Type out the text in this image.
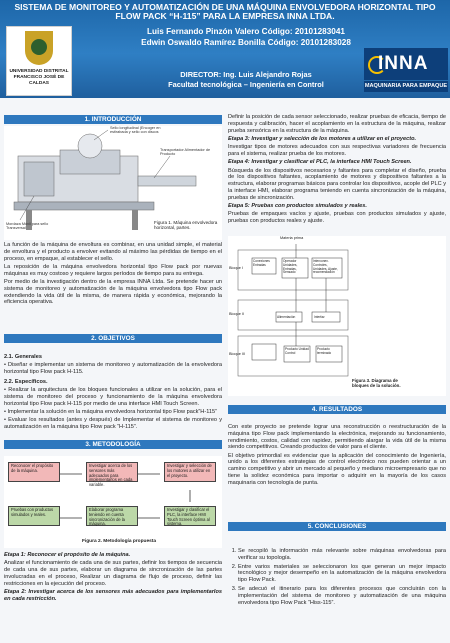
SISTEMA DE MONITOREO Y AUTOMATIZACIÓN DE UNA MÁQUINA ENVOLVEDORA HORIZONTAL TIPO FLOW PACK “H-115” PARA LA EMPRESA INNA LTDA.
Luis Fernando Pinzón Valero Código: 20101283041
Edwin Oswaldo Ramírez Bonilla Código: 20101283028
DIRECTOR: Ing. Luis Alejandro Rojas
Facultad tecnológica – Ingeniería en Control
UNIVERSIDAD DISTRITAL FRANCISCO JOSÉ DE CALDAS
INNA
MAQUINARIA PARA EMPAQUE
1. INTRODUCCIÓN
Sello longitudinal (Encoger en estirabada y sello con discos
Transportador Alimentador de Producto
Mordaza Móvil para sello Transversal
Figura 1. Máquina envolvedora horizontal, partes.

La función de la máquina de envoltura es combinar, en una unidad simple, el material de envoltura y el producto a envolver evitando al máximo las pérdidas de tiempo en el proceso, en empaque, al establecer el sello.

La reposición de la máquina envolvedora horizontal tipo Flow pack por nuevas máquinas es muy costoso y requiere largos períodos de tiempo para su entrega.

Por medio de la investigación dentro de la empresa INNA Ltda. Se pretende hacer un sistema de monitoreo y automatización de la máquina envolvedora tipo Flow pack extendiendo la vida útil de la misma, de manera rápida y económica, mejorando la eficiencia operativa.

2. OBJETIVOS

2.1. Generales

• Diseñar e implementar un sistema de monitoreo y automatización de la envolvedora horizontal tipo Flow pack H-115.

2.2. Específicos.

• Realizar la arquitectura de los bloques funcionales a utilizar en la solución, para el sistema de monitoreo del proceso y funcionamiento de la máquina envolvedora horizontal tipo Flow pack H-115 por medio de una interface HMI Touch Screen.

• Implementar la solución en la máquina envolvedora horizontal tipo Flow pack”H-115”

• Evaluar los resultados (antes y después) de Implementar el sistema de monitoreo y automatización en la máquina tipo Flow pack “H-115”.

3. METODOLOGÍA
Reconocer el propósito de la máquina.
Investigar acerca de los sensores más adecuados para implementarlos en cada variable.
Investigar y selección de los motores a utilizar en el proyecto.
Pruebas con productos simulados y reales.
Elaborar programa teniendo en cuenta sincronización de la máquina.
Investigar y clasificar el PLC, la interface HMI Touch Screen óptima al sistema.
Figura 2. Metodología propuesta

Etapa 1: Reconocer el propósito de la máquina.

Analizar el funcionamiento de cada una de sus partes, definir los tiempos de secuencia de cada una de sus partes, elaborar un diagrama de sincronización de las partes involucradas en el proceso, Realizar un diagrama de flujo de proceso, definir las restricciones en la ejecución del proceso.

Etapa 2: Investigar acerca de los sensores más adecuados para implementarlos en cada restricción.

Definir la posición de cada sensor seleccionado, realizar pruebas de eficacia, tiempo de respuesta y calibración, hacer el acoplamiento en la estructura de la máquina, realizar prueba sensórica en la estructura de la máquina.

Etapa 3: Investigar y selección de los motores a utilizar en el proyecto.

Investigar tipos de motores adecuados con sus respectivas variadores de frecuencia para el sistema, realizar prueba de los motores.

Etapa 4: Investigar y clasificar el PLC, la interface HMI Touch Screen.

Búsqueda de los dispositivos necesarios y faltantes para completar el diseño, prueba de los dispositivos faltantes, acoplamiento de motores y dispositivos faltantes a la estructura, elaborar programas básicos para controlar los dispositivos, acople del PLC y la interface HMI, elaborar programa teniendo en cuenta sincronización de la máquina, pruebas de sincronización.

Etapa 5: Pruebas con productos simulados y reales.

Pruebas de empaques vacíos y ajuste, pruebas con productos simulados y ajuste, pruebas con productos reales y ajuste.

Materia prima
Bloque I
Bloque II
Bloque III
Conexiones Entradas
Operador Unidades, Entradas, Sensado
Interconex. Controles, Unidades, Ajuste, recomendación
Alimentación	Interfaz
Producto Unidad Control
Producto terminado
Figura 3. Diagrama de bloques de la solución.
4. RESULTADOS

Con este proyecto se pretende lograr una reconstrucción o reestructuración de la máquina tipo Flow pack implementando la electrónica, mejorando su funcionamiento, rendimiento, costos, calidad con rapidez, permitiendo alargar la vida útil de la misma siendo competitivos. Creando productos de valor para el cliente.

El objetivo primordial es evidenciar que la aplicación del conocimiento de Ingeniería, unido a los diferentes estrategias de control electrónico nos pueden orientar a un camino competitivo y abrir un mercado al pequeño y mediano microempresario que no tiene la solidez económica para importar o adquirir en la mayoría de los casos maquinaria con tecnología de punta.

5. CONCLUSIONES
1. Se recopiló la información más relevante sobre máquinas envolvedoras para verificar su topología.
2. Entre varios materiales se seleccionaron los que generan un mejor impacto tecnológico y mejor desempeño en la automatización de la máquina envolvedora tipo Flow Pack.
3. Se adecuó el itinerario para los diferentes procesos que concluirán con la implementación del sistema de monitoreo y automatización de una máquina envolvedora tipo Flow Pack “Hiss-115”.
